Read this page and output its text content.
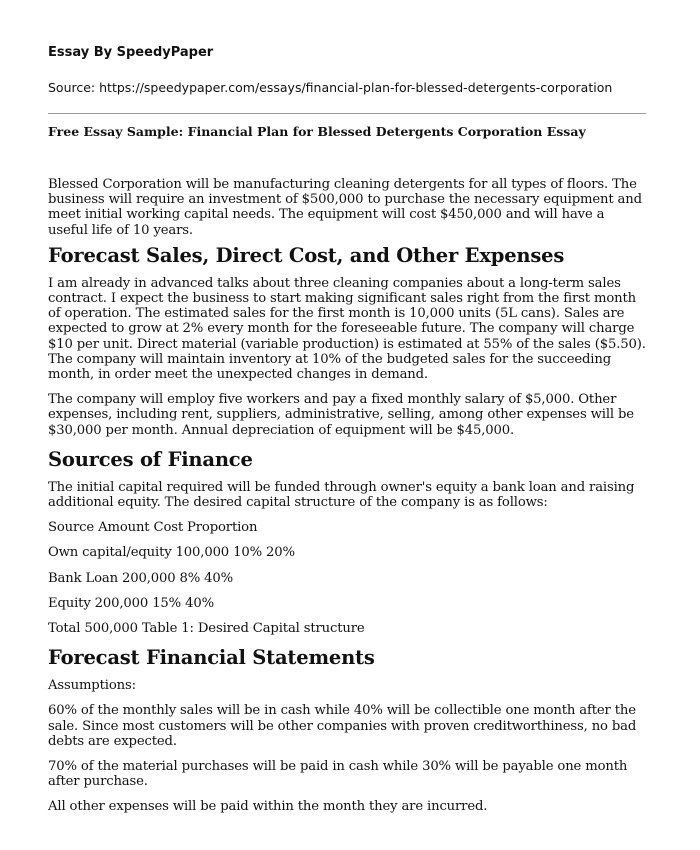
Essay By SpeedyPaper
Source: https://speedypaper.com/essays/financial-plan-for-blessed-detergents-corporation
Free Essay Sample: Financial Plan for Blessed Detergents Corporation Essay

Blessed Corporation will be manufacturing cleaning detergents for all types of floors. The business will require an investment of $500,000 to purchase the necessary equipment and meet initial working capital needs. The equipment will cost $450,000 and will have a useful life of 10 years.

Forecast Sales, Direct Cost, and Other Expenses

I am already in advanced talks about three cleaning companies about a long-term sales contract. I expect the business to start making significant sales right from the first month of operation. The estimated sales for the first month is 10,000 units (5L cans). Sales are expected to grow at 2% every month for the foreseeable future. The company will charge $10 per unit. Direct material (variable production) is estimated at 55% of the sales ($5.50). The company will maintain inventory at 10% of the budgeted sales for the succeeding month, in order meet the unexpected changes in demand.

The company will employ five workers and pay a fixed monthly salary of $5,000. Other expenses, including rent, suppliers, administrative, selling, among other expenses will be $30,000 per month. Annual depreciation of equipment will be $45,000.

Sources of Finance

The initial capital required will be funded through owner's equity a bank loan and raising additional equity. The desired capital structure of the company is as follows:

Source Amount Cost Proportion

Own capital/equity 100,000 10% 20%

Bank Loan 200,000 8% 40%

Equity 200,000 15% 40%

Total 500,000 Table 1: Desired Capital structure

Forecast Financial Statements

Assumptions:

60% of the monthly sales will be in cash while 40% will be collectible one month after the sale. Since most customers will be other companies with proven creditworthiness, no bad debts are expected.

70% of the material purchases will be paid in cash while 30% will be payable one month after purchase.

All other expenses will be paid within the month they are incurred.
